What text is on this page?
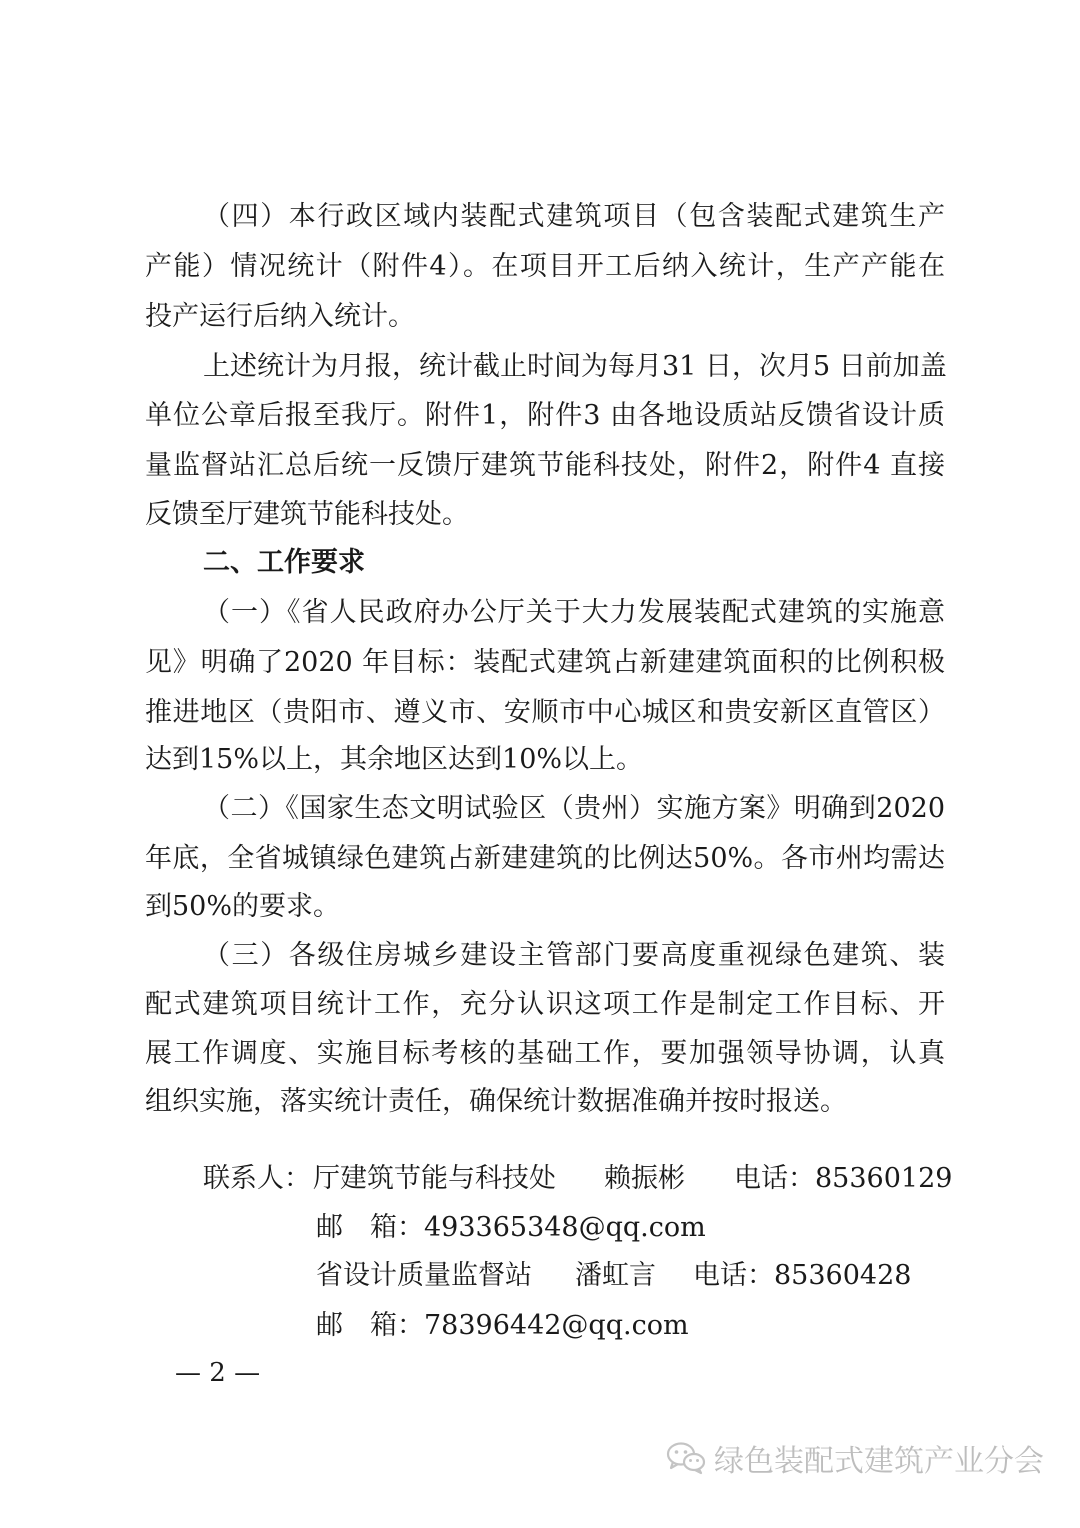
（四）本行政区域内装配式建筑项目（包含装配式建筑生产
产能）情况统计（附件4）。在项目开工后纳入统计，生产产能在
投产运行后纳入统计。
上述统计为月报，统计截止时间为每月31 日，次月5 日前加盖
单位公章后报至我厅。附件1，附件3 由各地设质站反馈省设计质
量监督站汇总后统一反馈厅建筑节能科技处，附件2，附件4 直接
反馈至厅建筑节能科技处。
二、工作要求
（一）《省人民政府办公厅关于大力发展装配式建筑的实施意
见》明确了2020 年目标：装配式建筑占新建建筑面积的比例积极
推进地区（贵阳市、遵义市、安顺市中心城区和贵安新区直管区）
达到15%以上，其余地区达到10%以上。
（二）《国家生态文明试验区（贵州）实施方案》明确到2020
年底，全省城镇绿色建筑占新建建筑的比例达50%。各市州均需达
到50%的要求。
（三）各级住房城乡建设主管部门要高度重视绿色建筑、装
配式建筑项目统计工作，充分认识这项工作是制定工作目标、开
展工作调度、实施目标考核的基础工作，要加强领导协调，认真
组织实施，落实统计责任，确保统计数据准确并按时报送。
联系人： 厅建筑节能与科技处 赖振彬 电话：85360129
邮　箱：493365348@qq.com
省设计质量监督站 潘虹言 电话：85360428
邮　箱：78396442@qq.com
— 2 —
绿色装配式建筑产业分会
